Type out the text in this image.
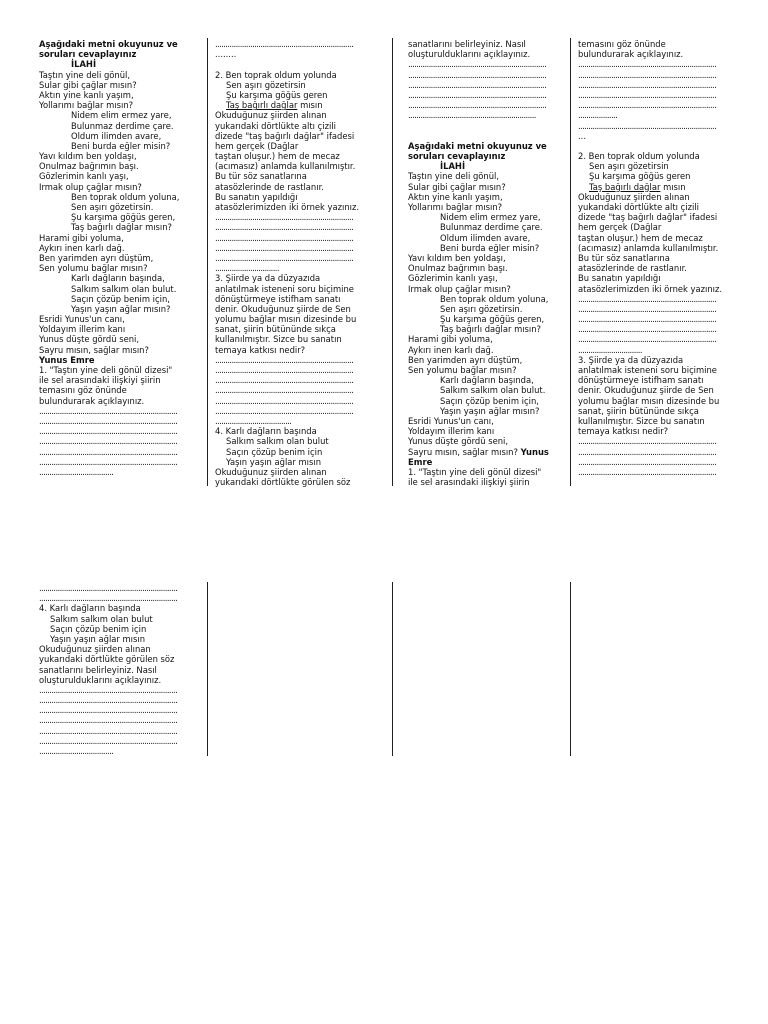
Aşağıdaki metni okuyunuz ve
soruları cevaplayınız
İLAHİ
Taştın yine deli gönül,
Sular gibi çağlar mısın?
Aktın yine kanlı yaşım,
Yollarımı bağlar mısın?
Nidem elim ermez yare,
Bulunmaz derdime çare.
Oldum ilimden avare,
Beni burda eğler misin?
Yavı kıldım ben yoldaşı,
Onulmaz bağrımın başı.
Gözlerimin kanlı yaşı,
Irmak olup çağlar mısın?
Ben toprak oldum yoluna,
Sen aşırı gözetirsin.
Şu karşıma göğüs geren,
Taş bağırlı dağlar mısın?
Harami gibi yoluma,
Aykırı inen karlı dağ.
Ben yarimden ayrı düştüm,
Sen yolumu bağlar mısın?
Karlı dağların başında,
Salkım salkım olan bulut.
Saçın çözüp benim için,
Yaşın yaşın ağlar mısın?
Esridi Yunus'un canı,
Yoldayım illerim kanı
Yunus düşte gördü seni,
Sayru mısın, sağlar mısın?
Yunus Emre
1. "Taştın yine deli gönül dizesi"
ile sel arasındaki ilişkiyi şiirin
temasını göz önünde
bulundurarak açıklayınız.
...................................................................
...................................................................
...................................................................
...................................................................
...................................................................
...................................................................
....................................
...................................................................
........
2. Ben toprak oldum yolunda
Sen aşırı gözetirsin
Şu karşıma göğüs geren
Taş bağırlı dağlar mısın
Okuduğunuz şiirden alınan
yukarıdaki dörtlükte altı çizili
dizede "taş bağırlı dağlar" ifadesi
hem gerçek (Dağlar
taştan oluşur.) hem de mecaz
(acımasız) anlamda kullanılmıştır.
Bu tür söz sanatlarına
atasözlerinde de rastlanır.
Bu sanatın yapıldığı
atasözlerimizden iki örnek yazınız.
...................................................................
...................................................................
...................................................................
...................................................................
...................................................................
...............................
3. Şiirde ya da düzyazıda
anlatılmak isteneni soru biçimine
dönüştürmeye istifham sanatı
denir. Okuduğunuz şiirde de Sen
yolumu bağlar mısın dizesinde bu
sanat, şiirin bütününde sıkça
kullanılmıştır. Sizce bu sanatın
temaya katkısı nedir?
...................................................................
...................................................................
...................................................................
...................................................................
...................................................................
...................................................................
.....................................
4. Karlı dağların başında
Salkım salkım olan bulut
Saçın çözüp benim için
Yaşın yaşın ağlar mısın
Okuduğunuz şiirden alınan
yukarıdaki dörtlükte görülen söz
sanatlarını belirleyiniz. Nasıl
oluşturulduklarını açıklayınız.
...................................................................
...................................................................
...................................................................
...................................................................
...................................................................
..............................................................
Aşağıdaki metni okuyunuz ve
soruları cevaplayınız
İLAHİ
Taştın yine deli gönül,
Sular gibi çağlar mısın?
Aktın yine kanlı yaşım,
Yollarımı bağlar mısın?
Nidem elim ermez yare,
Bulunmaz derdime çare.
Oldum ilimden avare,
Beni burda eğler misin?
Yavı kıldım ben yoldaşı,
Onulmaz bağrımın başı.
Gözlerimin kanlı yaşı,
Irmak olup çağlar mısın?
Ben toprak oldum yoluna,
Sen aşırı gözetirsin.
Şu karşıma göğüs geren,
Taş bağırlı dağlar mısın?
Harami gibi yoluma,
Aykırı inen karlı dağ.
Ben yarimden ayrı düştüm,
Sen yolumu bağlar mısın?
Karlı dağların başında,
Salkım salkım olan bulut.
Saçın çözüp benim için,
Yaşın yaşın ağlar mısın?
Esridi Yunus'un canı,
Yoldayım illerim kanı
Yunus düşte gördü seni,
Sayru mısın, sağlar mısın? Yunus
Emre
1. "Taştın yine deli gönül dizesi"
ile sel arasındaki ilişkiyi şiirin
temasını göz önünde
bulundurarak açıklayınız.
...................................................................
...................................................................
...................................................................
...................................................................
...................................................................
...................
...................................................................
...
2. Ben toprak oldum yolunda
Sen aşırı gözetirsin
Şu karşıma göğüs geren
Taş bağırlı dağlar mısın
Okuduğunuz şiirden alınan
yukarıdaki dörtlükte altı çizili
dizede "taş bağırlı dağlar" ifadesi
hem gerçek (Dağlar
taştan oluşur.) hem de mecaz
(acımasız) anlamda kullanılmıştır.
Bu tür söz sanatlarına
atasözlerinde de rastlanır.
Bu sanatın yapıldığı
atasözlerimizden iki örnek yazınız.
...................................................................
...................................................................
...................................................................
...................................................................
...................................................................
...............................
3. Şiirde ya da düzyazıda
anlatılmak isteneni soru biçimine
dönüştürmeye istifham sanatı
denir. Okuduğunuz şiirde de Sen
yolumu bağlar mısın dizesinde bu
sanat, şiirin bütününde sıkça
kullanılmıştır. Sizce bu sanatın
temaya katkısı nedir?
...................................................................
...................................................................
...................................................................
...................................................................
...................................................................
...................................................................
4. Karlı dağların başında
Salkım salkım olan bulut
Saçın çözüp benim için
Yaşın yaşın ağlar mısın
Okuduğunuz şiirden alınan
yukarıdaki dörtlükte görülen söz
sanatlarını belirleyiniz. Nasıl
oluşturulduklarını açıklayınız.
...................................................................
...................................................................
...................................................................
...................................................................
...................................................................
...................................................................
....................................
